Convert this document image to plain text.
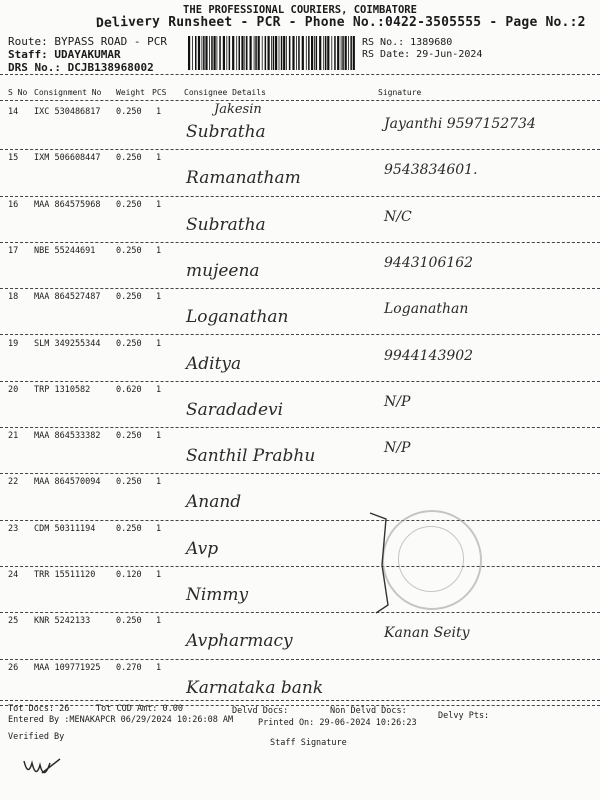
THE PROFESSIONAL COURIERS, COIMBATORE
Delivery Runsheet - PCR - Phone No.:0422-3505555 - Page No.:2
Route: BYPASS ROAD - PCR
Staff: UDAYAKUMAR
DRS No.: DCJB138968002
RS No.: 1389680
RS Date: 29-Jun-2024
S No Consignment No Weight PCS Consignee Details	Signature
14 IXC 530486817 0.250 1	Jakesin
Subratha	Jayanthi 9597152734
15 IXM 506608447 0.250 1
Ramanatham	9543834601.
16 MAA 864575968 0.250 1
Subratha	N/C
17 NBE 55244691 0.250 1
mujeena	9443106162
18 MAA 864527487 0.250 1
Loganathan	Loganathan
19 SLM 349255344 0.250 1
Aditya	9944143902
20 TRP 1310582	0.620 1
Saradadevi	N/P
21 MAA 864533382 0.250 1
Santhil Prabhu	N/P
22 MAA 864570094 0.250 1
Anand
23 CDM 50311194 0.250 1
Avp
24 TRR 15511120 0.120 1
Nimmy
25 KNR 5242133	0.250 1
Avpharmacy	Kanan Seity
26 MAA 109771925 0.270 1
Karnataka bank
Tot Docs: 26	Tot COD Amt: 0.00	Delvd Docs:	Non Delvd Docs:	Delvy Pts:
Entered By :MENAKAPCR 06/29/2024 10:26:08 AM	Printed On: 29-06-2024 10:26:23
Verified By
Staff Signature
